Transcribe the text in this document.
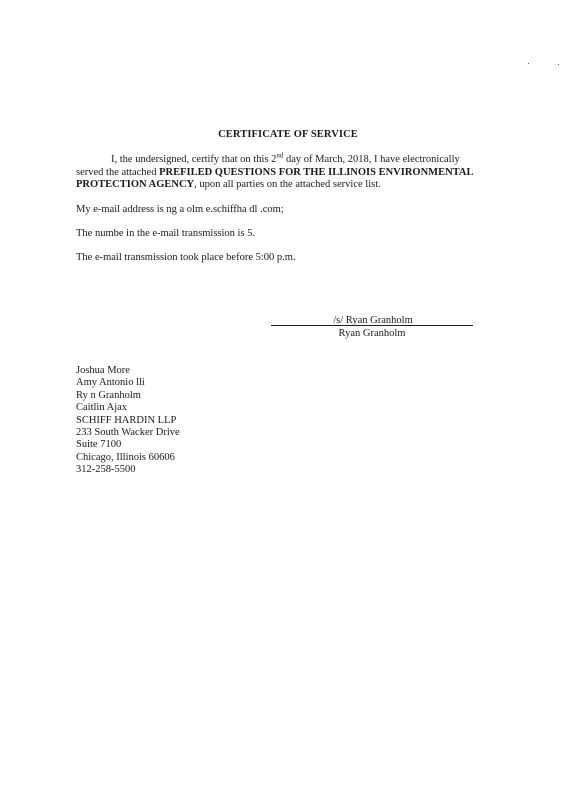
CERTIFICATE OF SERVICE

I, the undersigned, certify that on this 2nd day of March, 2018, I have electronically

served the attached PREFILED QUESTIONS FOR THE ILLINOIS ENVIRONMENTAL

PROTECTION AGENCY, upon all parties on the attached service list.

My e-mail address is ng a olm e.schiffha dl .com;

The numbe in the e-mail transmission is 5.

The e-mail transmission took place before 5:00 p.m.

/s/ Ryan Granholm
Ryan Granholm
Joshua More
Amy Antonio lli
Ry n Granholm
Caitlin Ajax
SCHIFF HARDIN LLP
233 South Wacker Drive
Suite 7100
Chicago, Illinois 60606
312-258-5500
